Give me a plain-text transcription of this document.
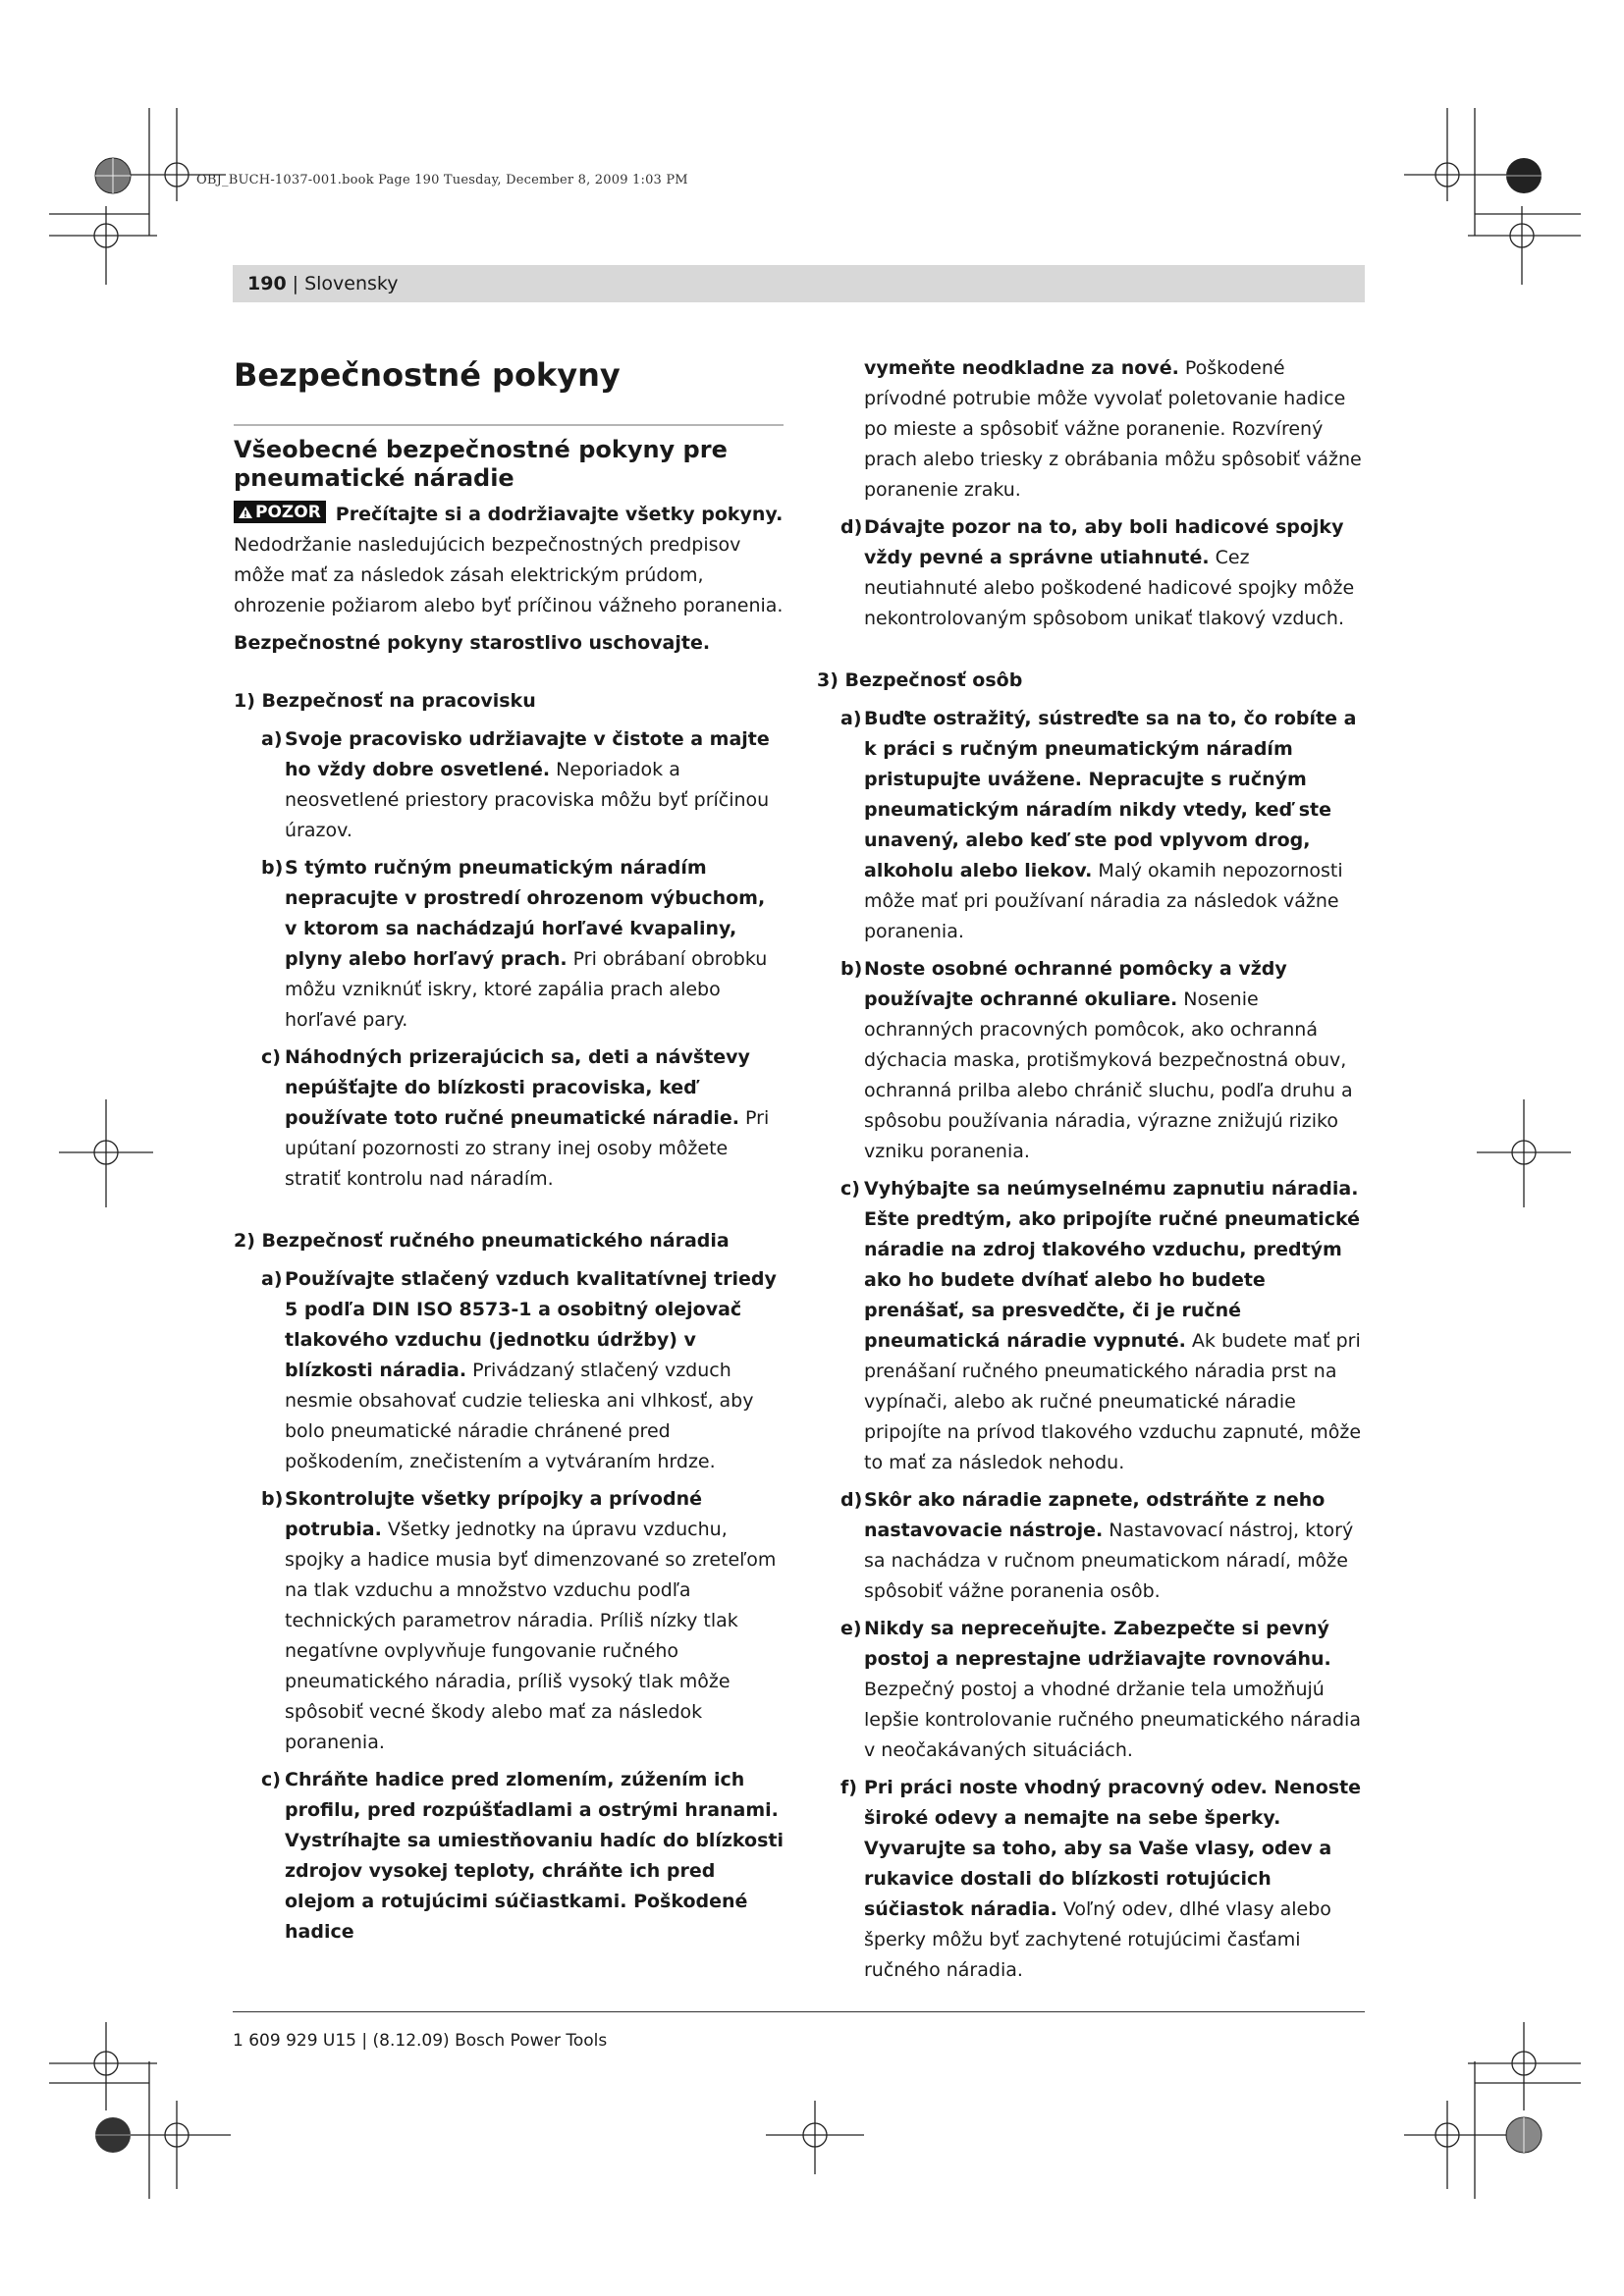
OBJ_BUCH-1037-001.book Page 190 Tuesday, December 8, 2009 1:03 PM
190 | Slovensky
Bezpečnostné pokyny
Všeobecné bezpečnostné pokyny pre pneumatické náradie

POZOR Prečítajte si a dodržiavajte všetky pokyny. Nedodržanie nasledujúcich bezpečnostných predpisov môže mať za následok zásah elektrickým prúdom, ohrozenie požiarom alebo byť príčinou vážneho poranenia.

Bezpečnostné pokyny starostlivo uschovajte.

1) Bezpečnosť na pracovisku

a) Svoje pracovisko udržiavajte v čistote a majte ho vždy dobre osvetlené. Neporiadok a neosvetlené priestory pracoviska môžu byť príčinou úrazov.
b) S týmto ručným pneumatickým náradím nepracujte v prostredí ohrozenom výbuchom, v ktorom sa nachádzajú horľavé kvapaliny, plyny alebo horľavý prach. Pri obrábaní obrobku môžu vzniknúť iskry, ktoré zapália prach alebo horľavé pary.
c) Náhodných prizerajúcich sa, deti a návštevy nepúšťajte do blízkosti pracoviska, keď používate toto ručné pneumatické náradie. Pri upútaní pozornosti zo strany inej osoby môžete stratiť kontrolu nad náradím.

2) Bezpečnosť ručného pneumatického náradia

a) Používajte stlačený vzduch kvalitatívnej triedy 5 podľa DIN ISO 8573-1 a osobitný olejovač tlakového vzduchu (jednotku údržby) v blízkosti náradia. Privádzaný stlačený vzduch nesmie obsahovať cudzie telieska ani vlhkosť, aby bolo pneumatické náradie chránené pred poškodením, znečistením a vytváraním hrdze.
b) Skontrolujte všetky prípojky a prívodné potrubia. Všetky jednotky na úpravu vzduchu, spojky a hadice musia byť dimenzované so zreteľom na tlak vzduchu a množstvo vzduchu podľa technických parametrov náradia. Príliš nízky tlak negatívne ovplyvňuje fungovanie ručného pneumatického náradia, príliš vysoký tlak môže spôsobiť vecné škody alebo mať za následok poranenia.
c) Chráňte hadice pred zlomením, zúžením ich profilu, pred rozpúšťadlami a ostrými hranami. Vystríhajte sa umiestňovaniu hadíc do blízkosti zdrojov vysokej teploty, chráňte ich pred olejom a rotujúcimi súčiastkami. Poškodené hadice
vymeňte neodkladne za nové. Poškodené prívodné potrubie môže vyvolať poletovanie hadice po mieste a spôsobiť vážne poranenie. Rozvírený prach alebo triesky z obrábania môžu spôsobiť vážne poranenie zraku.
d) Dávajte pozor na to, aby boli hadicové spojky vždy pevné a správne utiahnuté. Cez neutiahnuté alebo poškodené hadicové spojky môže nekontrolovaným spôsobom unikať tlakový vzduch.

3) Bezpečnosť osôb

a) Buďte ostražitý, sústreďte sa na to, čo robíte a k práci s ručným pneumatickým náradím pristupujte uvážene. Nepracujte s ručným pneumatickým náradím nikdy vtedy, keď ste unavený, alebo keď ste pod vplyvom drog, alkoholu alebo liekov. Malý okamih nepozornosti môže mať pri používaní náradia za následok vážne poranenia.
b) Noste osobné ochranné pomôcky a vždy používajte ochranné okuliare. Nosenie ochranných pracovných pomôcok, ako ochranná dýchacia maska, protišmyková bezpečnostná obuv, ochranná prilba alebo chránič sluchu, podľa druhu a spôsobu používania náradia, výrazne znižujú riziko vzniku poranenia.
c) Vyhýbajte sa neúmyselnému zapnutiu náradia. Ešte predtým, ako pripojíte ručné pneumatické náradie na zdroj tlakového vzduchu, predtým ako ho budete dvíhať alebo ho budete prenášať, sa presvedčte, či je ručné pneumatická náradie vypnuté. Ak budete mať pri prenášaní ručného pneumatického náradia prst na vypínači, alebo ak ručné pneumatické náradie pripojíte na prívod tlakového vzduchu zapnuté, môže to mať za následok nehodu.
d) Skôr ako náradie zapnete, odstráňte z neho nastavovacie nástroje. Nastavovací nástroj, ktorý sa nachádza v ručnom pneumatickom náradí, môže spôsobiť vážne poranenia osôb.
e) Nikdy sa nepreceňujte. Zabezpečte si pevný postoj a neprestajne udržiavajte rovnováhu. Bezpečný postoj a vhodné držanie tela umožňujú lepšie kontrolovanie ručného pneumatického náradia v neočakávaných situáciách.
f) Pri práci noste vhodný pracovný odev. Nenoste široké odevy a nemajte na sebe šperky. Vyvarujte sa toho, aby sa Vaše vlasy, odev a rukavice dostali do blízkosti rotujúcich súčiastok náradia. Voľný odev, dlhé vlasy alebo šperky môžu byť zachytené rotujúcimi časťami ručného náradia.
1 609 929 U15 | (8.12.09) Bosch Power Tools
